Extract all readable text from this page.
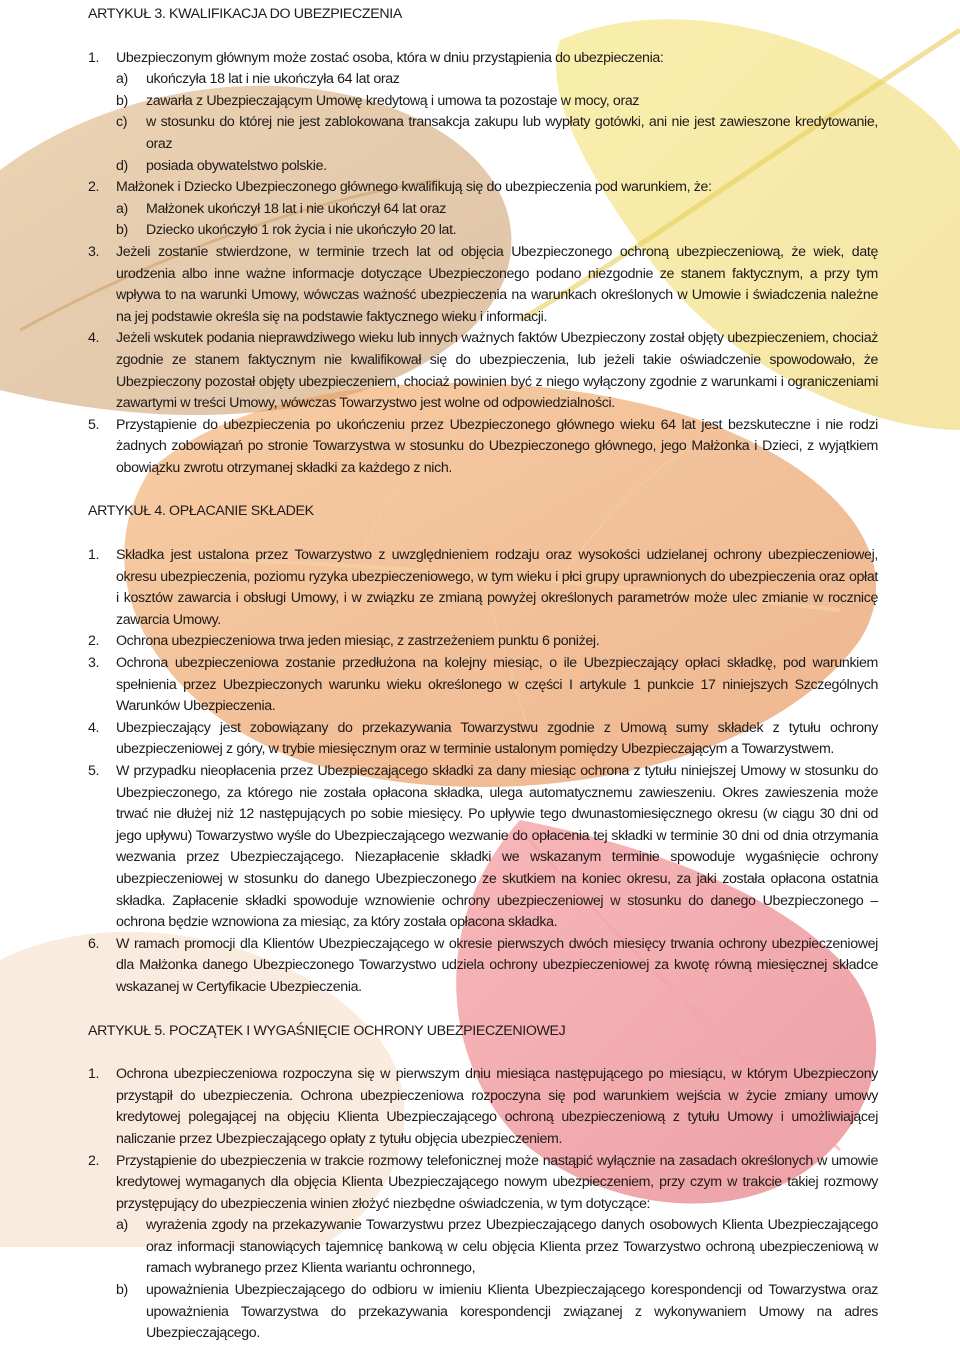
ARTYKUŁ 3. KWALIFIKACJA DO UBEZPIECZENIA
1.	Ubezpieczonym głównym może zostać osoba, która w dniu przystąpienia do ubezpieczenia:

a)	ukończyła 18 lat i nie ukończyła 64 lat oraz
b)	zawarła z Ubezpieczającym Umowę kredytową i umowa ta pozostaje w mocy, oraz
c)	w stosunku do której nie jest zablokowana transakcja zakupu lub wypłaty gotówki, ani nie jest zawieszone kredytowanie, oraz
d)	posiada obywatelstwo polskie.
2.	Małżonek i Dziecko Ubezpieczonego głównego kwalifikują się do ubezpieczenia pod warunkiem, że:

a)	Małżonek ukończył 18 lat i nie ukończył 64 lat oraz
b)	Dziecko ukończyło 1 rok życia i nie ukończyło 20 lat.
3.	Jeżeli zostanie stwierdzone, w terminie trzech lat od objęcia Ubezpieczonego ochroną ubezpieczeniową, że wiek, datę urodzenia albo inne ważne informacje dotyczące Ubezpieczonego podano niezgodnie ze stanem faktycznym, a przy tym wpływa to na warunki Umowy, wówczas ważność ubezpieczenia na warunkach określonych w Umowie i świadczenia należne na jej podstawie określa się na podstawie faktycznego wieku i informacji.

4.	Jeżeli wskutek podania nieprawdziwego wieku lub innych ważnych faktów Ubezpieczony został objęty ubezpieczeniem, chociaż zgodnie ze stanem faktycznym nie kwalifikował się do ubezpieczenia, lub jeżeli takie oświadczenie spowodowało, że Ubezpieczony pozostał objęty ubezpieczeniem, chociaż powinien być z niego wyłączony zgodnie z warunkami i ograniczeniami zawartymi w treści Umowy, wówczas Towarzystwo jest wolne od odpowiedzialności.

5.	Przystąpienie do ubezpieczenia po ukończeniu przez Ubezpieczonego głównego wieku 64 lat jest bezskuteczne i nie rodzi żadnych zobowiązań po stronie Towarzystwa w stosunku do Ubezpieczonego głównego, jego Małżonka i Dzieci, z wyjątkiem obowiązku zwrotu otrzymanej składki za każdego z nich.

ARTYKUŁ 4. OPŁACANIE SKŁADEK
1.	Składka jest ustalona przez Towarzystwo z uwzględnieniem rodzaju oraz wysokości udzielanej ochrony ubezpieczeniowej, okresu ubezpieczenia, poziomu ryzyka ubezpieczeniowego, w tym wieku i płci grupy uprawnionych do ubezpieczenia oraz opłat i kosztów zawarcia i obsługi Umowy, i w związku ze zmianą powyżej określonych parametrów może ulec zmianie w rocznicę zawarcia Umowy.

2.	Ochrona ubezpieczeniowa trwa jeden miesiąc, z zastrzeżeniem punktu 6 poniżej.

3.	Ochrona ubezpieczeniowa zostanie przedłużona na kolejny miesiąc, o ile Ubezpieczający opłaci składkę, pod warunkiem spełnienia przez Ubezpieczonych warunku wieku określonego w części I artykule 1 punkcie 17 niniejszych Szczególnych Warunków Ubezpieczenia.

4.	Ubezpieczający jest zobowiązany do przekazywania Towarzystwu zgodnie z Umową sumy składek z tytułu ochrony ubezpieczeniowej z góry, w trybie miesięcznym oraz w terminie ustalonym pomiędzy Ubezpieczającym a Towarzystwem.

5.	W przypadku nieopłacenia przez Ubezpieczającego składki za dany miesiąc ochrona z tytułu niniejszej Umowy w stosunku do Ubezpieczonego, za którego nie została opłacona składka, ulega automatycznemu zawieszeniu. Okres zawieszenia może trwać nie dłużej niż 12 następujących po sobie miesięcy. Po upływie tego dwunastomiesięcznego okresu (w ciągu 30 dni od jego upływu) Towarzystwo wyśle do Ubezpieczającego wezwanie do opłacenia tej składki w terminie 30 dni od dnia otrzymania wezwania przez Ubezpieczającego. Niezapłacenie składki we wskazanym terminie spowoduje wygaśnięcie ochrony ubezpieczeniowej w stosunku do danego Ubezpieczonego ze skutkiem na koniec okresu, za jaki została opłacona ostatnia składka. Zapłacenie składki spowoduje wznowienie ochrony ubezpieczeniowej w stosunku do danego Ubezpieczonego – ochrona będzie wznowiona za miesiąc, za który została opłacona składka.

6.	W ramach promocji dla Klientów Ubezpieczającego w okresie pierwszych dwóch miesięcy trwania ochrony ubezpieczeniowej dla Małżonka danego Ubezpieczonego Towarzystwo udziela ochrony ubezpieczeniowej za kwotę równą miesięcznej składce wskazanej w Certyfikacie Ubezpieczenia.

ARTYKUŁ 5. POCZĄTEK I WYGAŚNIĘCIE OCHRONY UBEZPIECZENIOWEJ
1.	Ochrona ubezpieczeniowa rozpoczyna się w pierwszym dniu miesiąca następującego po miesiącu, w którym Ubezpieczony przystąpił do ubezpieczenia. Ochrona ubezpieczeniowa rozpoczyna się pod warunkiem wejścia w życie zmiany umowy kredytowej polegającej na objęciu Klienta Ubezpieczającego ochroną ubezpieczeniową z tytułu Umowy i umożliwiającej naliczanie przez Ubezpieczającego opłaty z tytułu objęcia ubezpieczeniem.

2.	Przystąpienie do ubezpieczenia w trakcie rozmowy telefonicznej może nastąpić wyłącznie na zasadach określonych w umowie kredytowej wymaganych dla objęcia Klienta Ubezpieczającego nowym ubezpieczeniem, przy czym w trakcie takiej rozmowy przystępujący do ubezpieczenia winien złożyć niezbędne oświadczenia, w tym dotyczące:

a)	wyrażenia zgody na przekazywanie Towarzystwu przez Ubezpieczającego danych osobowych Klienta Ubezpieczającego oraz informacji stanowiących tajemnicę bankową w celu objęcia Klienta przez Towarzystwo ochroną ubezpieczeniową w ramach wybranego przez Klienta wariantu ochronnego,
b)	upoważnienia Ubezpieczającego do odbioru w imieniu Klienta Ubezpieczającego korespondencji od Towarzystwa oraz upoważnienia Towarzystwa do przekazywania korespondencji związanej z wykonywaniem Umowy na adres Ubezpieczającego.
